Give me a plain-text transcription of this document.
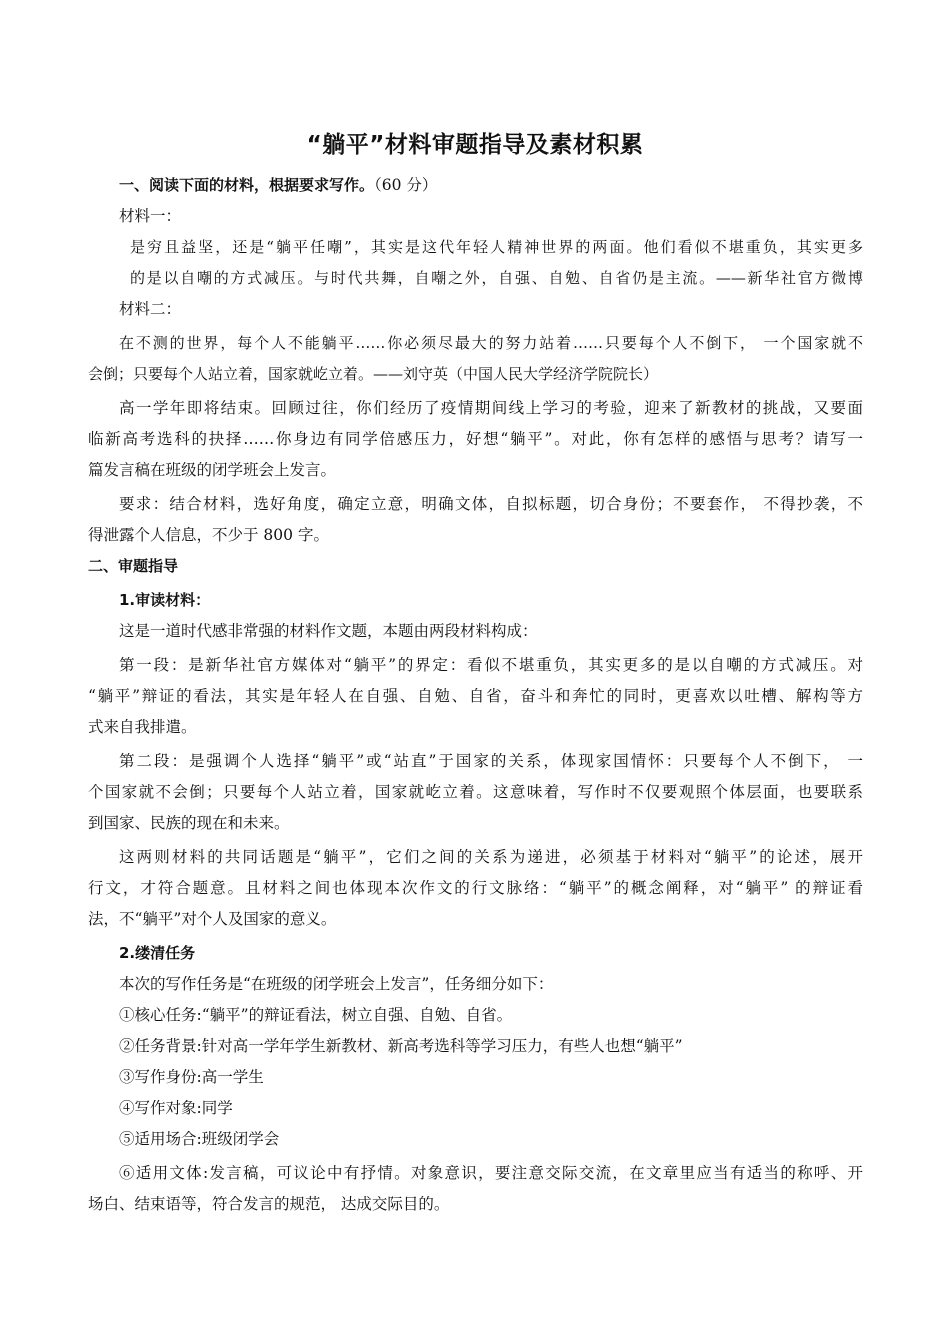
“躺平”材料审题指导及素材积累
一、阅读下面的材料，根据要求写作。（60 分）
材料一：
是穷且益坚，还是“躺平任嘲”，其实是这代年轻人精神世界的两面。他们看似不堪重负，其实更多
的是以自嘲的方式减压。与时代共舞，自嘲之外，自强、自勉、自省仍是主流。——新华社官方微博
材料二：
在不测的世界，每个人不能躺平……你必须尽最大的努力站着……只要每个人不倒下， 一个国家就不
会倒；只要每个人站立着，国家就屹立着。——刘守英（中国人民大学经济学院院长）
高一学年即将结束。回顾过往，你们经历了疫情期间线上学习的考验，迎来了新教材的挑战，又要面
临新高考选科的抉择……你身边有同学倍感压力，好想“躺平”。对此，你有怎样的感悟与思考？请写一
篇发言稿在班级的闭学班会上发言。
要求：结合材料，选好角度，确定立意，明确文体，自拟标题，切合身份；不要套作， 不得抄袭，不
得泄露个人信息，不少于 800 字。
二、审题指导
1.审读材料：
这是一道时代感非常强的材料作文题，本题由两段材料构成：
第一段：是新华社官方媒体对“躺平”的界定：看似不堪重负，其实更多的是以自嘲的方式减压。对
“躺平”辩证的看法，其实是年轻人在自强、自勉、自省，奋斗和奔忙的同时，更喜欢以吐槽、解构等方
式来自我排遣。
第二段：是强调个人选择“躺平”或“站直”于国家的关系，体现家国情怀：只要每个人不倒下， 一
个国家就不会倒；只要每个人站立着，国家就屹立着。这意味着，写作时不仅要观照个体层面，也要联系
到国家、民族的现在和未来。
这两则材料的共同话题是“躺平”，它们之间的关系为递进，必须基于材料对“躺平”的论述，展开
行文，才符合题意。且材料之间也体现本次作文的行文脉络：“躺平”的概念阐释，对“躺平” 的辩证看
法，不“躺平”对个人及国家的意义。
2.缕清任务
本次的写作任务是“在班级的闭学班会上发言”，任务细分如下：
①核心任务:“躺平”的辩证看法，树立自强、自勉、自省。
②任务背景:针对高一学年学生新教材、新高考选科等学习压力，有些人也想“躺平”
③写作身份:高一学生
④写作对象:同学
⑤适用场合:班级闭学会
⑥适用文体:发言稿，可议论中有抒情。对象意识，要注意交际交流，在文章里应当有适当的称呼、开
场白、结束语等，符合发言的规范， 达成交际目的。
